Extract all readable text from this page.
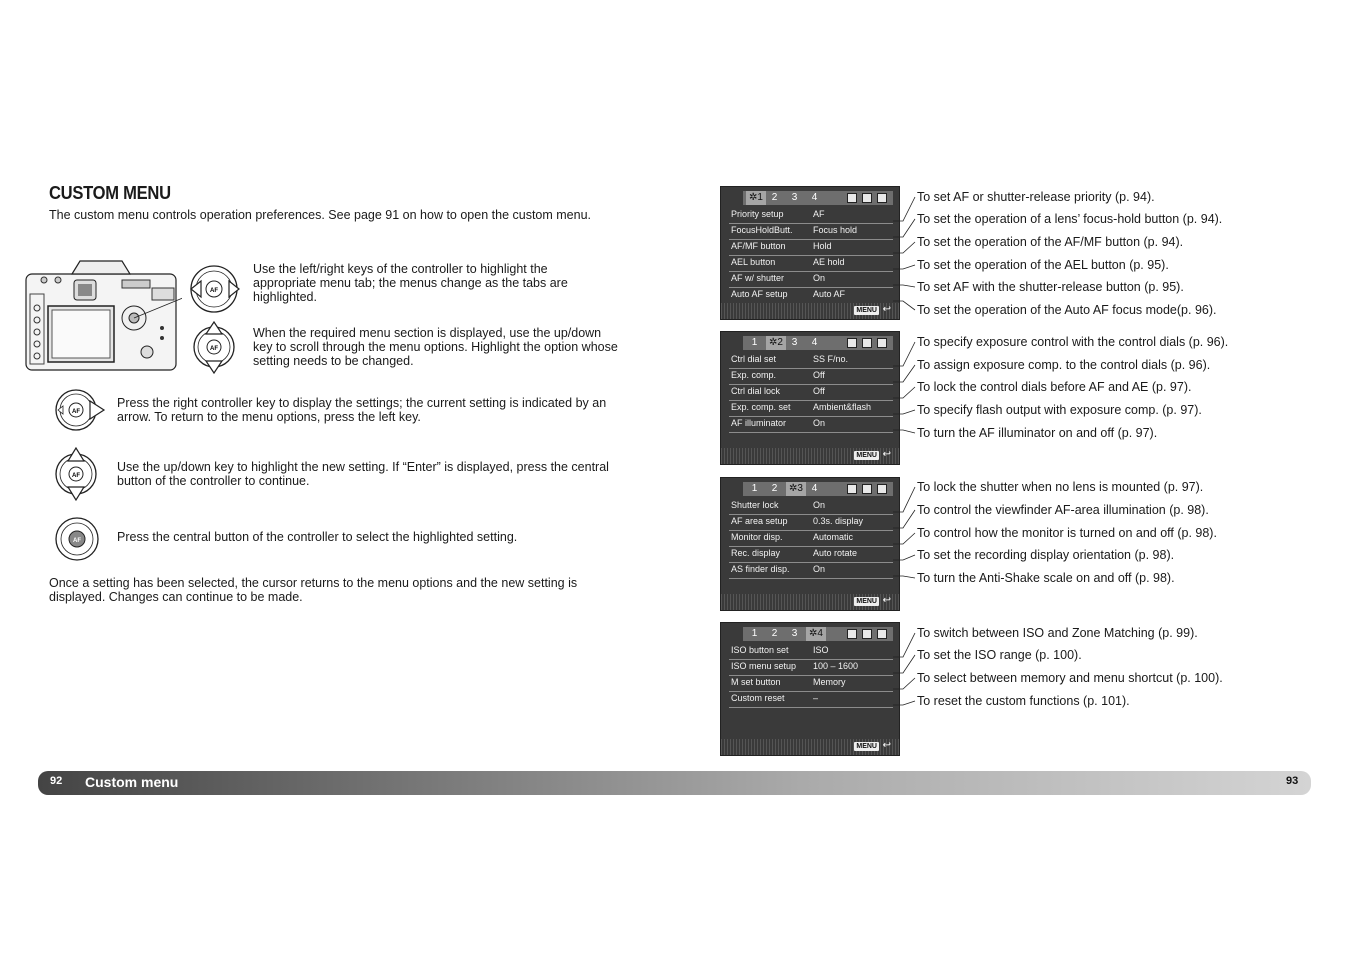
CUSTOM MENU
The custom menu controls operation preferences. See page 91 on how to open the custom menu.
AF
AF
AF
AF
AF
Use the left/right keys of the controller to highlight the appropriate menu tab; the menus change as the tabs are highlighted.
When the required menu section is displayed, use the up/down key to scroll through the menu options. Highlight the option whose setting needs to be changed.
Press the right controller key to display the settings; the current setting is indicated by an arrow. To return to the menu options, press the left key.
Use the up/down key to highlight the new setting. If “Enter” is displayed, press the central button of the controller to continue.
Press the central button of the controller to select the highlighted setting.
Once a setting has been selected, the cursor returns to the menu options and the new setting is displayed. Changes can continue to be made.
✲1 2	3	4
Priority setup	AF
FocusHoldButt. Focus hold
AF/MF button	Hold
AEL button	AE hold
AF w/ shutter	On
Auto AF setup	Auto AF
MENU ↩
1	✲2 3	4
Ctrl dial set	SS F/no.
Exp. comp.	Off
Ctrl dial lock	Off
Exp. comp. set Ambient&flash
AF illuminator	On
MENU ↩
1	2	✲3 4
Shutter lock	On
AF area setup	0.3s. display
Monitor disp.	Automatic
Rec. display	Auto rotate
AS finder disp.	On
MENU ↩
1	2	3	✲4
ISO button set	ISO
ISO menu setup 100 – 1600
M set button	Memory
Custom reset	–
MENU ↩
92 Custom menu	93
To set AF or shutter-release priority (p. 94).
To set the operation of a lens’ focus-hold button (p. 94).
To set the operation of the AF/MF button (p. 94).
To set the operation of the AEL button (p. 95).
To set AF with the shutter-release button (p. 95).
To set the operation of the Auto AF focus mode(p. 96).
To specify exposure control with the control dials (p. 96).
To assign exposure comp. to the control dials (p. 96).
To lock the control dials before AF and AE (p. 97).
To specify flash output with exposure comp. (p. 97).
To turn the AF illuminator on and off (p. 97).
To lock the shutter when no lens is mounted (p. 97).
To control the viewfinder AF-area illumination (p. 98).
To control how the monitor is turned on and off (p. 98).
To set the recording display orientation (p. 98).
To turn the Anti-Shake scale on and off (p. 98).
To switch between ISO and Zone Matching (p. 99).
To set the ISO range (p. 100).
To select between memory and menu shortcut (p. 100).
To reset the custom functions (p. 101).
